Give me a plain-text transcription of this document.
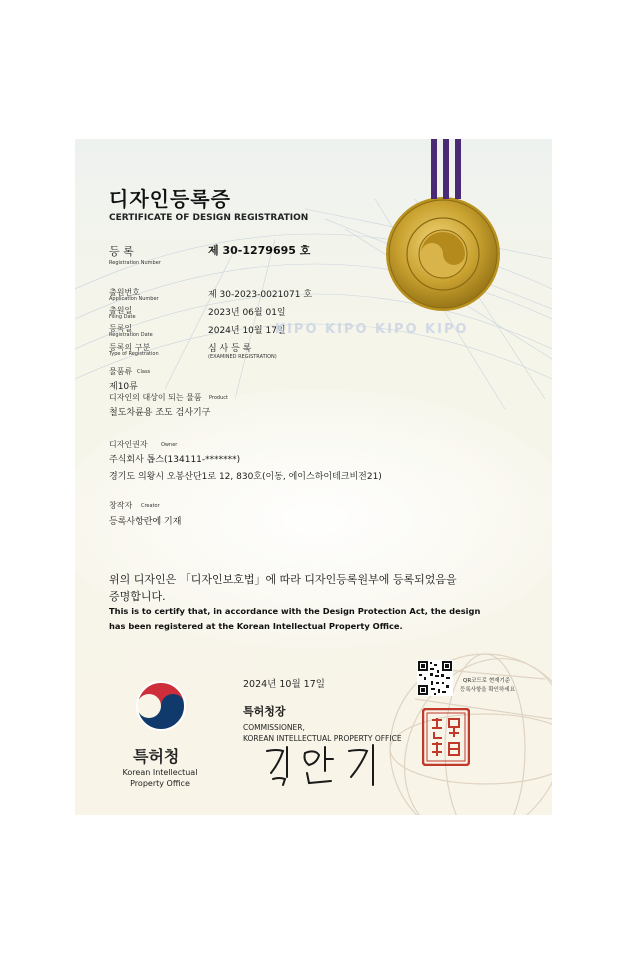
디자인등록증
CERTIFICATE OF DESIGN REGISTRATION
등 록
Registration Number
제 30-1279695 호
출원번호
Application Number	제 30-2023-0021071 호
출원일
Filing Date	2023년 06월 01일
등록일
Registration Date	2024년 10월 17일
등록의 구분
Type of Registration	심 사 등 록
(EXAMINED REGISTRATION)
KIPO KIPO KIPO KIPO
물품류 Class
제10류
디자인의 대상이 되는 물품 Product
철도차륜용 조도 검사기구
디자인권자	Owner
주식회사 톱스(134111-*******)
경기도 의왕시 오봉산단1로 12, 830호(이동, 에이스하이테크비전21)
창작자 Creator
등록사항란에 기재
위의 디자인은 「디자인보호법」에 따라 디자인등록원부에 등록되었음을
증명합니다.
This is to certify that, in accordance with the Design Protection Act, the design
has been registered at the Korean Intellectual Property Office.
2024년 10월 17일	QR코드로 현재기준
등록사항을 확인하세요
특허청장
COMMISSIONER,
KOREAN INTELLECTUAL PROPERTY OFFICE
특허청
Korean Intellectual
Property Office
